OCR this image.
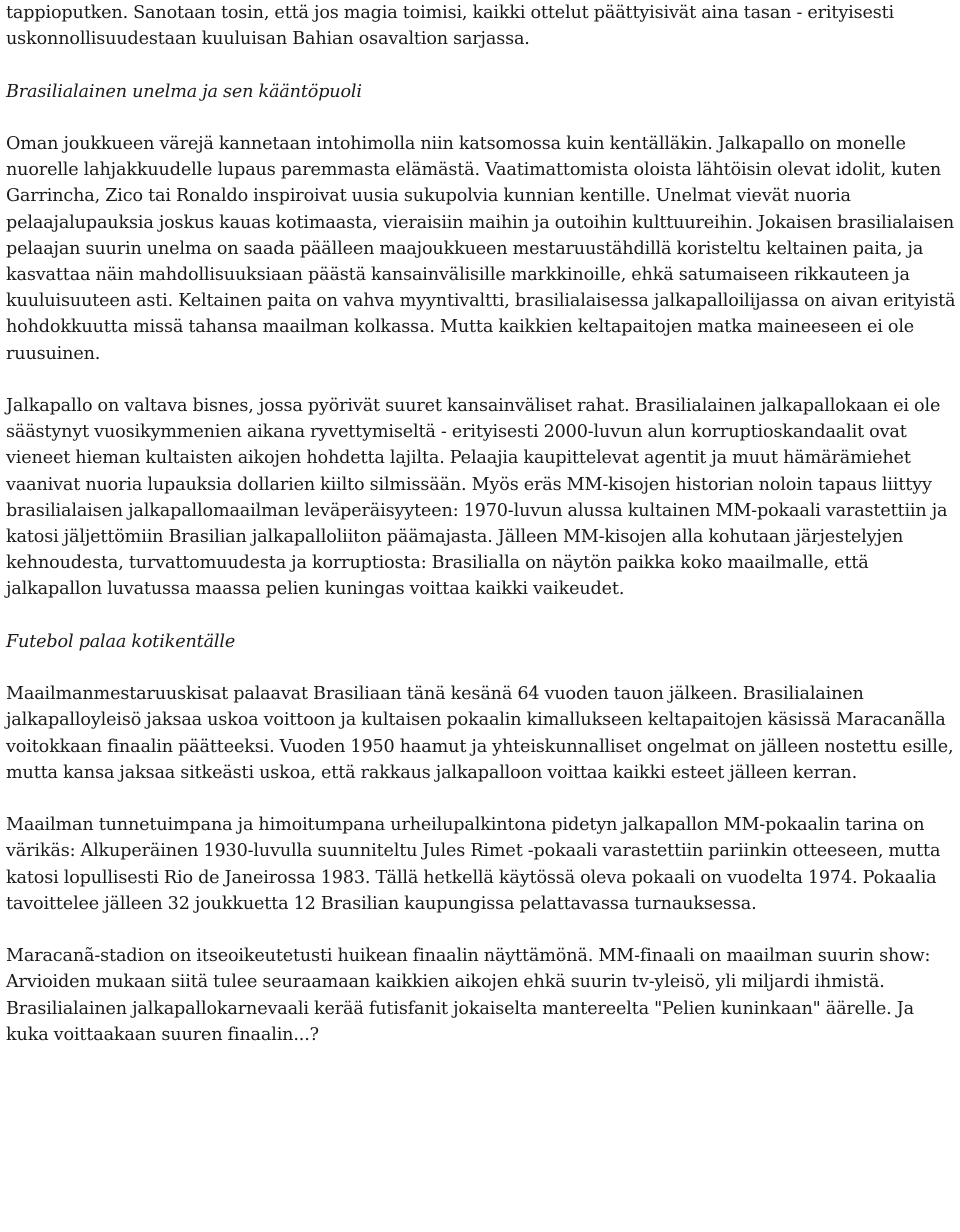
tappioputken. Sanotaan tosin, että jos magia toimisi, kaikki ottelut päättyisivät aina tasan - erityisesti uskonnollisuudestaan kuuluisan Bahian osavaltion sarjassa.

Brasilialainen unelma ja sen kääntöpuoli

Oman joukkueen värejä kannetaan intohimolla niin katsomossa kuin kentälläkin. Jalkapallo on monelle nuorelle lahjakkuudelle lupaus paremmasta elämästä. Vaatimattomista oloista lähtöisin olevat idolit, kuten Garrincha, Zico tai Ronaldo inspiroivat uusia sukupolvia kunnian kentille. Unelmat vievät nuoria pelaajalupauksia joskus kauas kotimaasta, vieraisiin maihin ja outoihin kulttuureihin. Jokaisen brasilialaisen pelaajan suurin unelma on saada päälleen maajoukkueen mestaruustähdillä koristeltu keltainen paita, ja kasvattaa näin mahdollisuuksiaan päästä kansainvälisille markkinoille, ehkä satumaiseen rikkauteen ja kuuluisuuteen asti. Keltainen paita on vahva myyntivaltti, brasilialaisessa jalkapalloilijassa on aivan erityistä hohdokkuutta missä tahansa maailman kolkassa. Mutta kaikkien keltapaitojen matka maineeseen ei ole ruusuinen.

Jalkapallo on valtava bisnes, jossa pyörivät suuret kansainväliset rahat. Brasilialainen jalkapallokaan ei ole säästynyt vuosikymmenien aikana ryvettymiseltä - erityisesti 2000-luvun alun korruptioskandaalit ovat vieneet hieman kultaisten aikojen hohdetta lajilta. Pelaajia kaupittelevat agentit ja muut hämärämiehet vaanivat nuoria lupauksia dollarien kiilto silmissään. Myös eräs MM-kisojen historian noloin tapaus liittyy brasilialaisen jalkapallomaailman leväperäisyyteen: 1970-luvun alussa kultainen MM-pokaali varastettiin ja katosi jäljettömiin Brasilian jalkapalloliiton päämajasta. Jälleen MM-kisojen alla kohutaan järjestelyjen kehnoudesta, turvattomuudesta ja korruptiosta: Brasilialla on näytön paikka koko maailmalle, että jalkapallon luvatussa maassa pelien kuningas voittaa kaikki vaikeudet.

Futebol palaa kotikentälle

Maailmanmestaruuskisat palaavat Brasiliaan tänä kesänä 64 vuoden tauon jälkeen. Brasilialainen jalkapalloyleisö jaksaa uskoa voittoon ja kultaisen pokaalin kimallukseen keltapaitojen käsissä Maracanãlla voitokkaan finaalin päätteeksi. Vuoden 1950 haamut ja yhteiskunnalliset ongelmat on jälleen nostettu esille, mutta kansa jaksaa sitkeästi uskoa, että rakkaus jalkapalloon voittaa kaikki esteet jälleen kerran.

Maailman tunnetuimpana ja himoitumpana urheilupalkintona pidetyn jalkapallon MM-pokaalin tarina on värikäs: Alkuperäinen 1930-luvulla suunniteltu Jules Rimet -pokaali varastettiin pariinkin otteeseen, mutta katosi lopullisesti Rio de Janeirossa 1983. Tällä hetkellä käytössä oleva pokaali on vuodelta 1974. Pokaalia tavoittelee jälleen 32 joukkuetta 12 Brasilian kaupungissa pelattavassa turnauksessa.

Maracanã-stadion on itseoikeutetusti huikean finaalin näyttämönä. MM-finaali on maailman suurin show: Arvioiden mukaan siitä tulee seuraamaan kaikkien aikojen ehkä suurin tv-yleisö, yli miljardi ihmistä. Brasilialainen jalkapallokarnevaali kerää futisfanit jokaiselta mantereelta "Pelien kuninkaan" äärelle. Ja kuka voittaakaan suuren finaalin...?
